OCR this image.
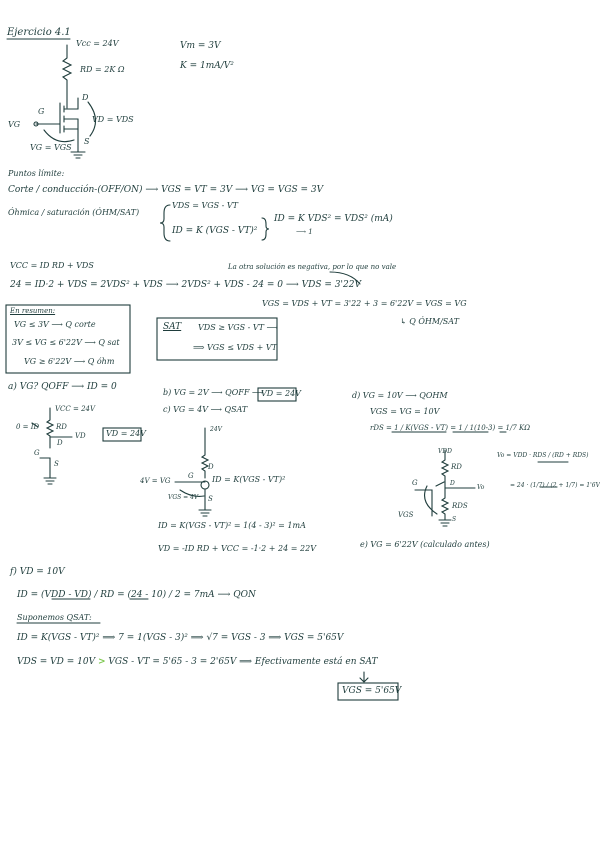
Ejercicio 4.1
Vт = 3V
K = 1mA/V²
Vcc = 24V
RD = 2K Ω
D
G
S
VG
VD = VDS
VG = VGS
Puntos límite:
Corte / conducción-(OFF/ON) ⟶ VGS = VT = 3V ⟶ VG = VGS = 3V
Óhmica / saturación (ÓHM/SAT)
VDS = VGS - VT
ID = K (VGS - VT)²
ID = K VDS² = VDS² (mA)
⟶ 1
VCC = ID RD + VDS	La otra solución es negativa, por lo que no vale
24 = ID·2 + VDS = 2VDS² + VDS ⟶ 2VDS² + VDS - 24 = 0 ⟶ VDS = 3'22V
VGS = VDS + VT = 3'22 + 3 = 6'22V = VGS = VG
↳ Q ÓHM/SAT
En resumen:
VG ≤ 3V ⟶ Q corte
3V ≤ VG ≤ 6'22V ⟶ Q sat
VG ≥ 6'22V ⟶ Q óhm
SAT VDS ≥ VGS - VT ⟶
⟹ VGS ≤ VDS + VT
a) VG? QOFF ⟶ ID = 0
VCC = 24V
0 = ID RD
D
VD
G
S
VD = 24V
b) VG = 2V ⟶ QOFF ⟶
VD = 24V
c) VG = 4V ⟶ QSAT
24V
D
G
S
4V = VG	ID = K(VGS - VT)²
VGS = 4V
ID = K(VGS - VT)² = 1(4 - 3)² = 1mA
VD = -ID RD + VCC = -1·2 + 24 = 22V
d) VG = 10V ⟶ QOHM
VGS = VG = 10V
rDS = 1 / K(VGS - VT) = 1 / 1(10-3) = 1/7 KΩ
VDD
RD
G	D
Vo
RDS
S
VGS
Vo = VDD · RDS / (RD + RDS)
= 24 · (1/7) / (2 + 1/7) = 1'6V
e) VG = 6'22V (calculado antes)
f) VD = 10V
ID = (VDD - VD) / RD = (24 - 10) / 2 = 7mA ⟶ QON
Suponemos QSAT:
ID = K(VGS - VT)² ⟹ 7 = 1(VGS - 3)² ⟹ √7 = VGS - 3 ⟹ VGS = 5'65V
VDS = VD = 10V > VGS - VT = 5'65 - 3 = 2'65V ⟹ Efectivamente está en SAT
VGS = 5'65V
